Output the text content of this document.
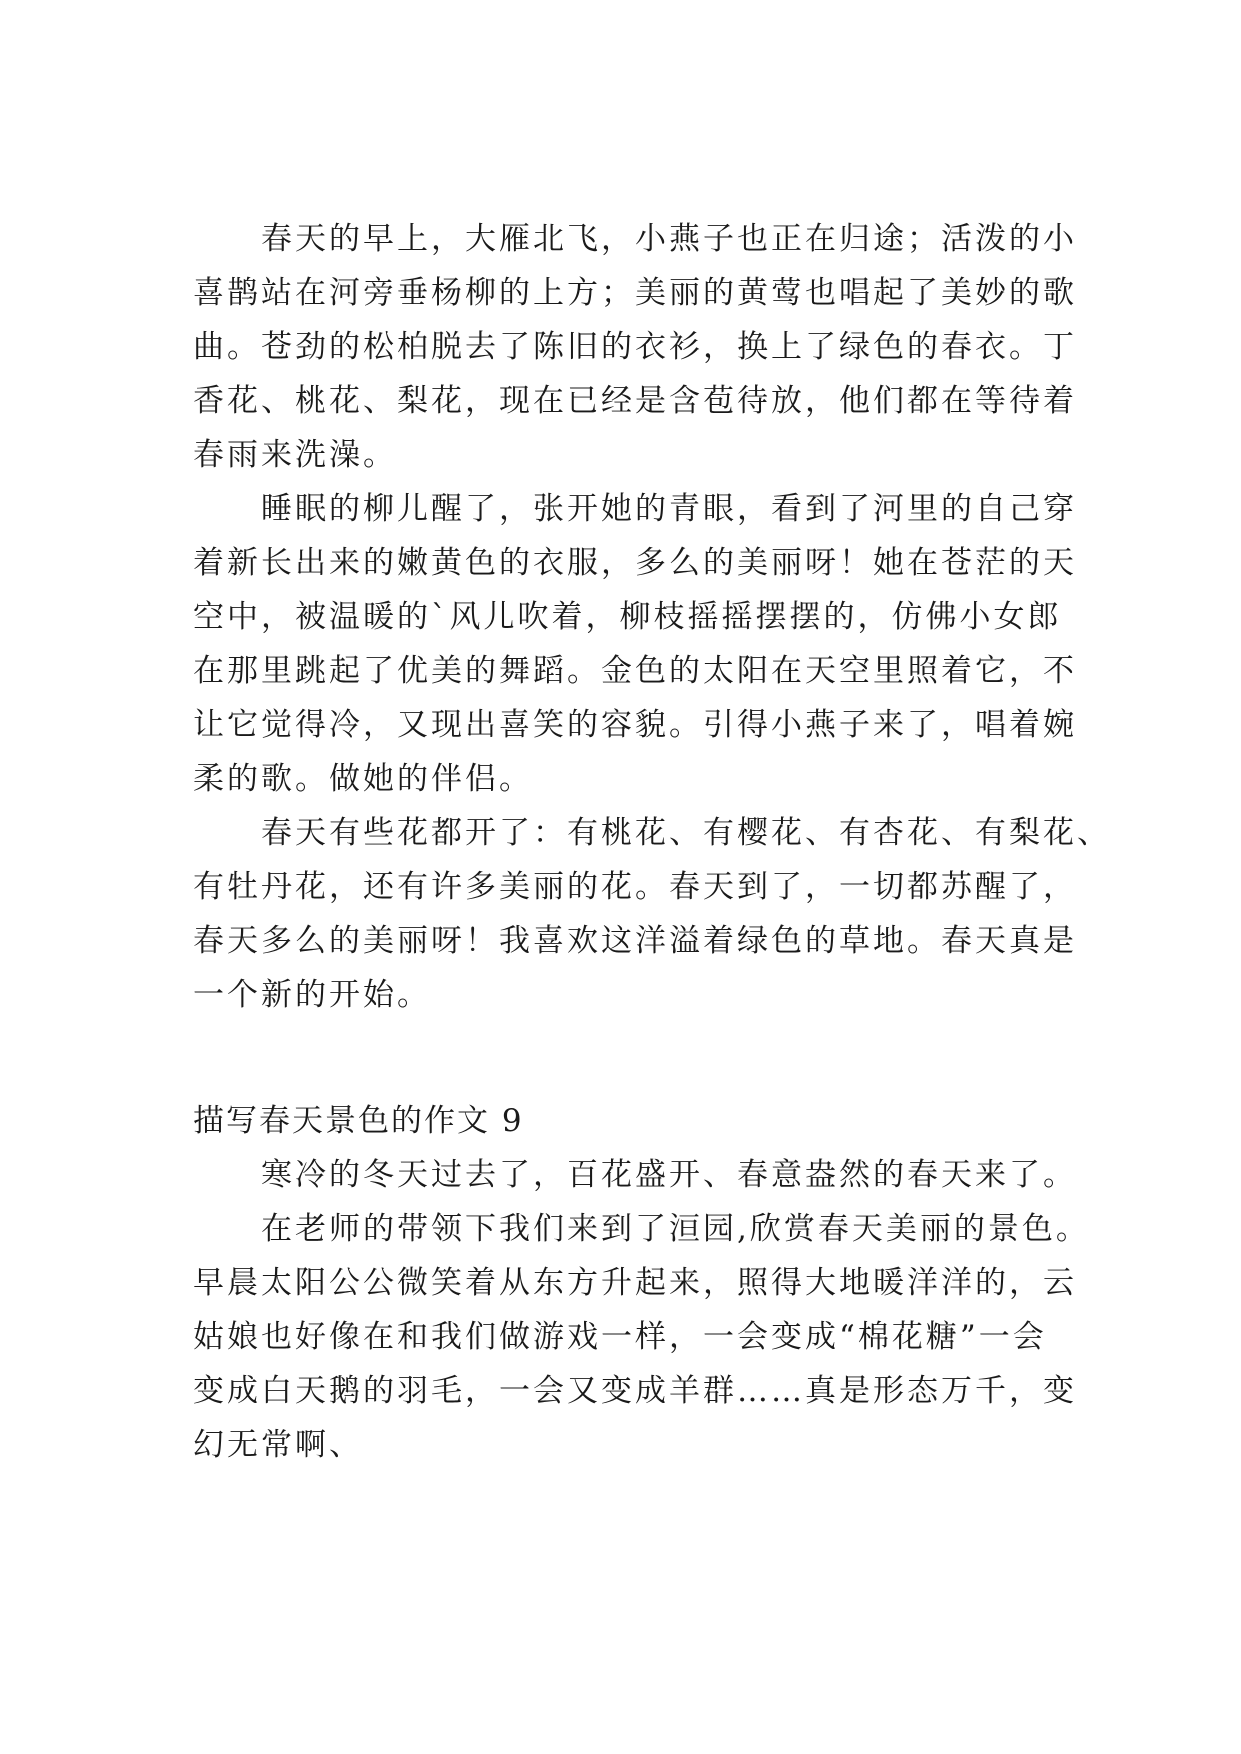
春天的早上，大雁北飞，小燕子也正在归途；活泼的小
喜鹊站在河旁垂杨柳的上方；美丽的黄莺也唱起了美妙的歌
曲。苍劲的松柏脱去了陈旧的衣衫，换上了绿色的春衣。丁
香花、桃花、梨花，现在已经是含苞待放，他们都在等待着
春雨来洗澡。
睡眠的柳儿醒了，张开她的青眼，看到了河里的自己穿
着新长出来的嫩黄色的衣服，多么的美丽呀！她在苍茫的天
空中，被温暖的`风儿吹着，柳枝摇摇摆摆的，仿佛小女郎
在那里跳起了优美的舞蹈。金色的太阳在天空里照着它，不
让它觉得冷，又现出喜笑的容貌。引得小燕子来了，唱着婉
柔的歌。做她的伴侣。
春天有些花都开了：有桃花、有樱花、有杏花、有梨花、
有牡丹花，还有许多美丽的花。春天到了，一切都苏醒了，
春天多么的美丽呀！我喜欢这洋溢着绿色的草地。春天真是
一个新的开始。
描写春天景色的作文 9
寒冷的冬天过去了，百花盛开、春意盎然的春天来了。
在老师的带领下我们来到了洹园,欣赏春天美丽的景色。
早晨太阳公公微笑着从东方升起来，照得大地暖洋洋的，云
姑娘也好像在和我们做游戏一样，一会变成“棉花糖”一会
变成白天鹅的羽毛，一会又变成羊群……真是形态万千，变
幻无常啊、
